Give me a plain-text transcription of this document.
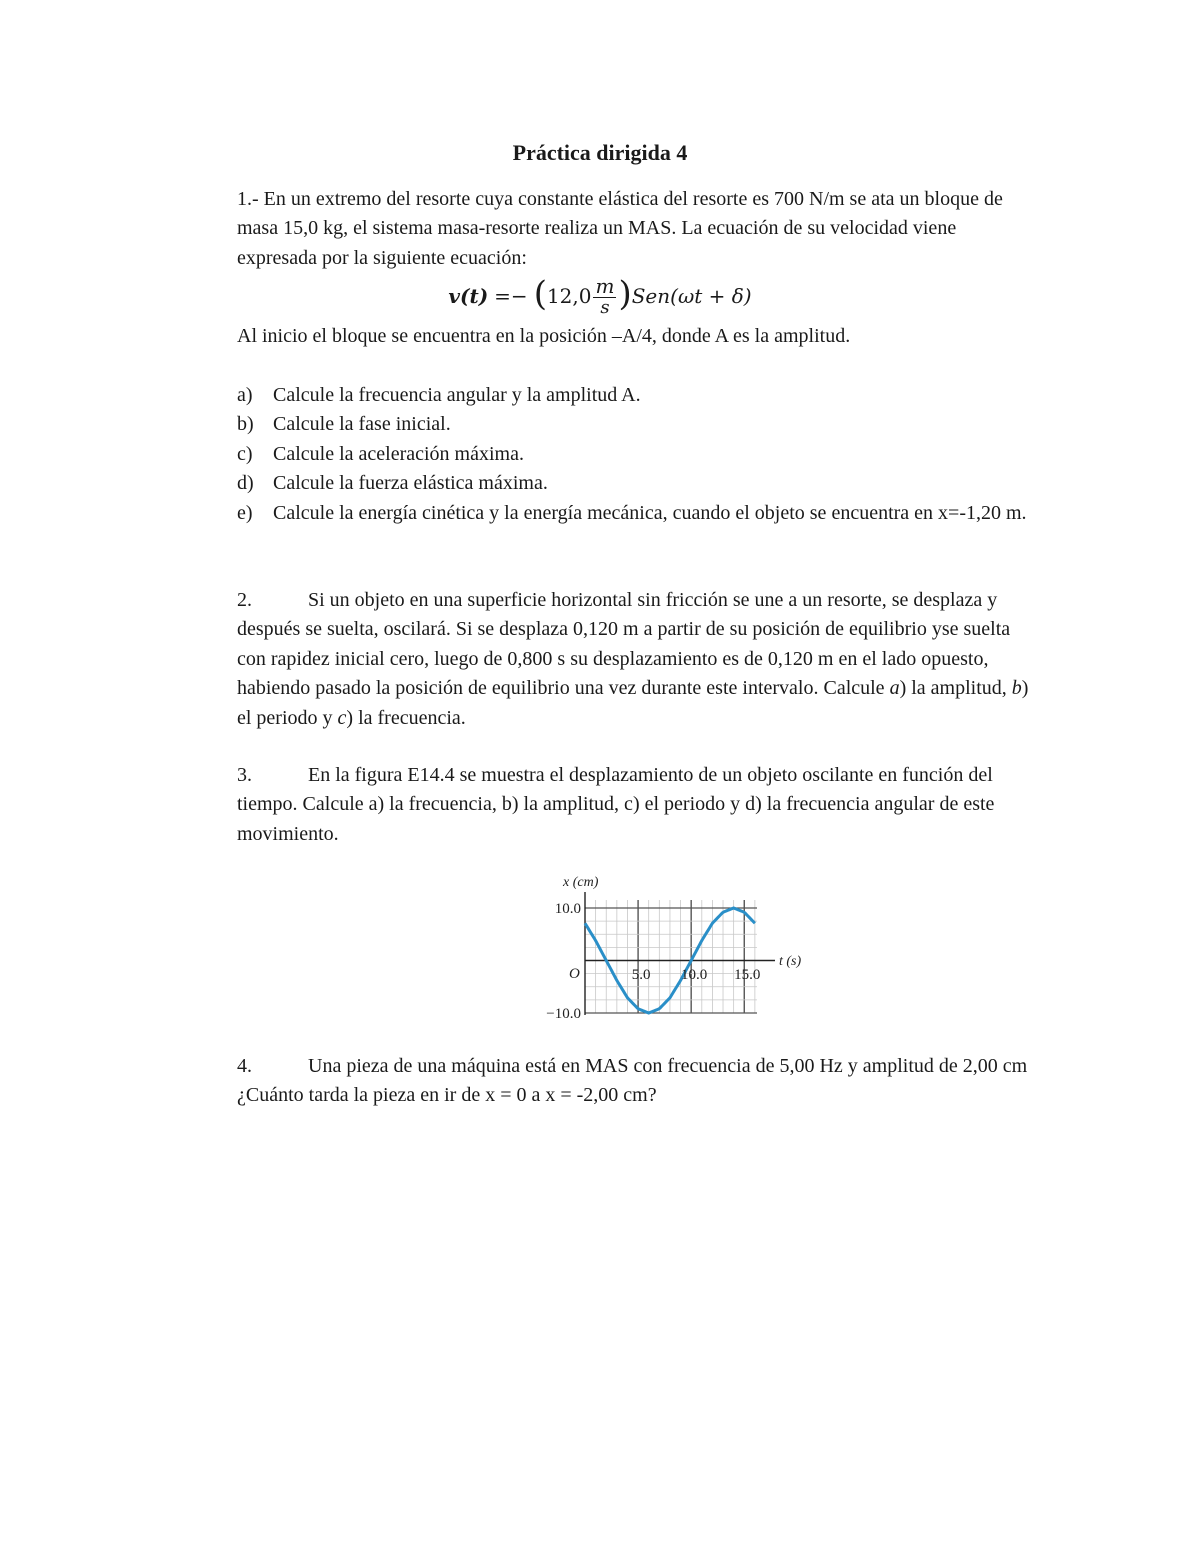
Práctica dirigida 4
1.- En un extremo del resorte cuya constante elástica del resorte es 700 N/m se ata un bloque de masa 15,0 kg, el sistema masa-resorte realiza un MAS. La ecuación de su velocidad viene expresada por la siguiente ecuación:
v(t) =− ( $12,0 \frac{m}{s}$ ) Sen (ωt + δ)
Al inicio el bloque se encuentra en la posición –A/4, donde A es la amplitud.
a) Calcule la frecuencia angular y la amplitud A.
b) Calcule la fase inicial.
c) Calcule la aceleración máxima.
d) Calcule la fuerza elástica máxima.
e) Calcule la energía cinética y la energía mecánica, cuando el objeto se encuentra en x=-1,20 m.
2.	Si un objeto en una superficie horizontal sin fricción se une a un resorte, se desplaza y después se suelta, oscilará. Si se desplaza 0,120 m a partir de su posición de equilibrio yse suelta con rapidez inicial cero, luego de 0,800 s su desplazamiento es de 0,120 m en el lado opuesto, habiendo pasado la posición de equilibrio una vez durante este intervalo. Calcule a) la amplitud, b) el periodo y c) la frecuencia.
3.	En la figura E14.4 se muestra el desplazamiento de un objeto oscilante en función del tiempo. Calcule a) la frecuencia, b) la amplitud, c) el periodo y d) la frecuencia angular de este movimiento.
x (cm)
t (s)
O
10.0
−10.0
5.0 10.0 15.0
4.	Una pieza de una máquina está en MAS con frecuencia de 5,00 Hz y amplitud de 2,00 cm ¿Cuánto tarda la pieza en ir de x = 0 a x = -2,00 cm?
